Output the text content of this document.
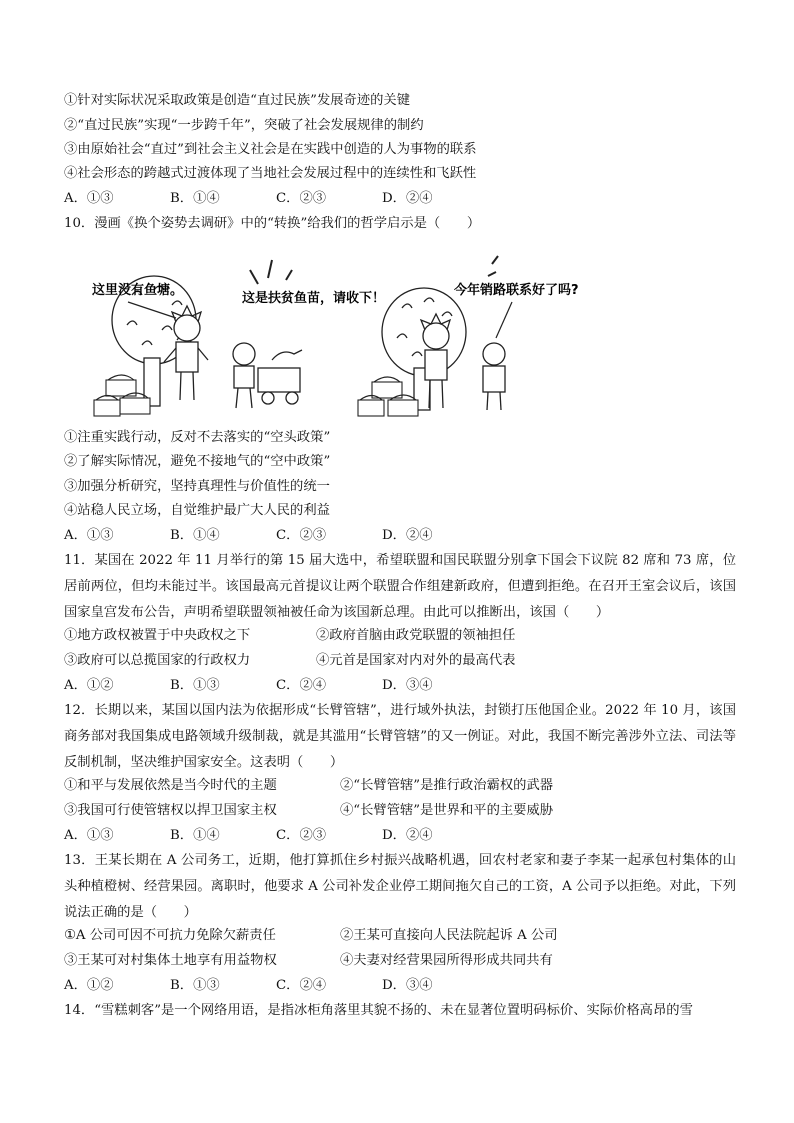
①针对实际状况采取政策是创造“直过民族”发展奇迹的关键
②“直过民族”实现“一步跨千年”，突破了社会发展规律的制约
③由原始社会“直过”到社会主义社会是在实践中创造的人为事物的联系
④社会形态的跨越式过渡体现了当地社会发展过程中的连续性和飞跃性
A．①③	B．①④	C．②③	D．②④
10．漫画《换个姿势去调研》中的“转换”给我们的哲学启示是（　　）
这里没有鱼塘。
这是扶贫鱼苗，请收下！
今年销路联系好了吗?
①注重实践行动，反对不去落实的“空头政策”
②了解实际情况，避免不接地气的“空中政策”
③加强分析研究，坚持真理性与价值性的统一
④站稳人民立场，自觉维护最广大人民的利益
A．①③	B．①④	C．②③	D．②④
11．某国在 2022 年 11 月举行的第 15 届大选中，希望联盟和国民联盟分别拿下国会下议院 82 席和 73 席，位居前两位，但均未能过半。该国最高元首提议让两个联盟合作组建新政府，但遭到拒绝。在召开王室会议后，该国国家皇宫发布公告，声明希望联盟领袖被任命为该国新总理。由此可以推断出，该国（　　）
①地方政权被置于中央政权之下	②政府首脑由政党联盟的领袖担任
③政府可以总揽国家的行政权力	④元首是国家对内对外的最高代表
A．①②	B．①③	C．②④	D．③④
12．长期以来，某国以国内法为依据形成“长臂管辖”，进行域外执法，封锁打压他国企业。2022 年 10 月，该国商务部对我国集成电路领域升级制裁，就是其滥用“长臂管辖”的又一例证。对此，我国不断完善涉外立法、司法等反制机制，坚决维护国家安全。这表明（　　）
①和平与发展依然是当今时代的主题	②“长臂管辖”是推行政治霸权的武器
③我国可行使管辖权以捍卫国家主权	④“长臂管辖”是世界和平的主要威胁
A．①③	B．①④	C．②③	D．②④
13．王某长期在 A 公司务工，近期，他打算抓住乡村振兴战略机遇，回农村老家和妻子李某一起承包村集体的山头种植橙树、经营果园。离职时，他要求 A 公司补发企业停工期间拖欠自己的工资，A 公司予以拒绝。对此，下列说法正确的是（　　）
①A 公司可因不可抗力免除欠薪责任	②王某可直接向人民法院起诉 A 公司
③王某可对村集体土地享有用益物权	④夫妻对经营果园所得形成共同共有
A．①②	B．①③	C．②④	D．③④
14．“雪糕刺客”是一个网络用语，是指冰柜角落里其貌不扬的、未在显著位置明码标价、实际价格高昂的雪
